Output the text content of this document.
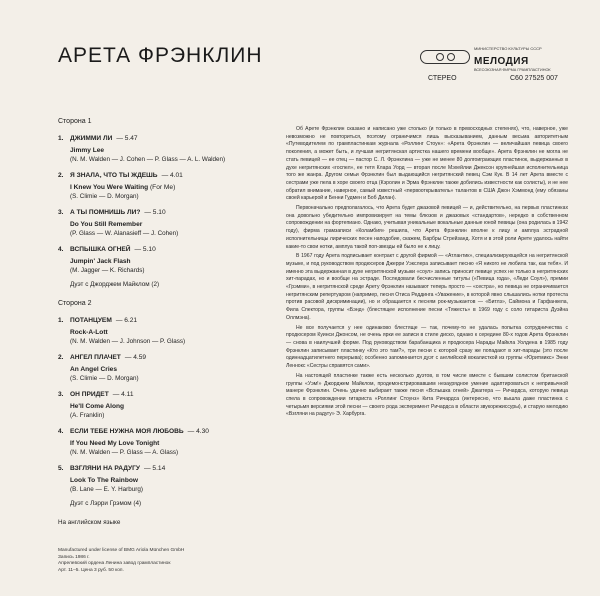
АРЕТА ФРЭНКЛИН	МИНИСТЕРСТВО КУЛЬТУРЫ СССР
МЕЛОДИЯ
ВСЕСОЮЗНАЯ ФИРМА ГРАМПЛАСТИНОК
СТЕРЕО	С60 27525 007
Сторона 1
1. ДЖИММИ ЛИ — 5.47
Jimmy Lee
(N. M. Walden — J. Cohen — P. Glass — A. L. Walden)
2. Я ЗНАЛА, ЧТО ТЫ ЖДЕШЬ — 4.01
I Knew You Were Waiting (For Me)
(S. Climie — D. Morgan)
3. А ТЫ ПОМНИШЬ ЛИ? — 5.10
Do You Still Remember
(P. Glass — W. Alanasieff — J. Cohen)
4. ВСПЫШКА ОГНЕЙ — 5.10
Jumpin' Jack Flash
(M. Jagger — K. Richards)
Дуэт с Джорджем Майклом (2)
Сторона 2
1. ПОТАНЦУЕМ — 6.21
Rock-A-Lott
(N. M. Walden — J. Johnson — P. Glass)
2. АНГЕЛ ПЛАЧЕТ — 4.59
An Angel Cries
(S. Climie — D. Morgan)
3. ОН ПРИДЕТ — 4.11
He'll Come Along
(A. Franklin)
4. ЕСЛИ ТЕБЕ НУЖНА МОЯ ЛЮБОВЬ — 4.30
If You Need My Love Tonight
(N. M. Walden — P. Glass — A. Glass)
5. ВЗГЛЯНИ НА РАДУГУ — 5.14
Look To The Rainbow
(B. Lane — E. Y. Harburg)
Дуэт с Лэрри Грэмом (4)
На английском языке
Manufactured under license of BMG Ariola München GmbH
Запись 1986 г.
Апрелевский ордена Ленина завод грампластинок
Арт. 11–5. Цена 3 руб. 50 коп.

Об Арете Фрэнклин сказано и написано уже столько (и только в превосходных степенях), что, наверное, уже невозможно не повториться, поэтому ограничимся лишь высказыванием, данным весьма авторитетным «Путеводителем по грампластинкам журнала «Роллинг Стоун»: «Арета Фрэнклин — величайшая певица своего поколения, а может быть, и лучшая негритянская артистка нашего времени вообще». Арета Фрэнклин не могла не стать певицей — ее отец — пастор С. Л. Фрэнклина — уже не менее 80 долгоиграющих пластинок, выдержанных в духе негритянских «госпел», ее тетя Клара Уорд — вторая после Мэхейлии Джексон крупнейшая исполнительница того же жанра. Другом семьи Фрэнклин был выдающийся негритянский певец Сэм Кук. В 14 лет Арета вместе с сестрами уже пела в хоре своего отца (Кэролин и Эрма Фрэнклин также добились известности как солисты), и не нее обратил внимание, наверное, самый известный «первооткрыватель» талантов в США Джон Хэммонд (ему обязаны своей карьерой и Бенни Гудмен и Боб Дилан).

Первоначально предполагалось, что Арета будет джазовой певицей — и, действительно, на первых пластинках она довольно убедительно импровизирует на темы блюзов и джазовых «стандартов», нередко в собственном сопровождении на фортепиано. Однако, учитывая уникальные вокальные данные юной певицы (она родилась в 1942 году), фирма грамзаписи «Коламбия» решила, что Арета Фрэнклин вполне к лицу и амплуа эстрадной исполнительницы лирических песен наподобие, скажем, Барбры Стрейзанд. Хотя и в этой роли Арете удалось найти какие-то свои нотки, амплуа такой поп-звезды ей было не к лицу.

В 1967 году Арета подписывает контракт с другой фирмой — «Атлантик», специализирующейся на негритянской музыке, и под руководством продюсеров Джерри Уэкслера записывает песню «Я никого не любила так, как тебя». И именно эта выдержанная в духе негритянской музыки «соул» запись приносит певице успех не только в негритянских хит-парадах, но и вообще на эстраде. Последовали бесчисленные титулы («Певица года», «Леди Соул»), премии «Грэмми», в негритянской среде Арету Фрэнклин называют теперь просто — «сестра», но певица не ограничивается негритянским репертуаром (например, песня Отиса Реддинга «Уважение», в которой явно слышались нотки протеста против расовой дискриминации), но и обращается к песням рок-музыкантов — «Битлз», Саймона и Гарфанкела, Фила Спектора, группы «Бэнд» (блестящее исполнение песни «Тяжесть» в 1969 году с соло гитариста Дуэйна Оллмэна).

Не все получается у нее одинаково блестяще — так, почему-то не удалась попытка сотрудничества с продюсером Куинси Джонсом, не очень ярки ее записи в стиле диско, однако к середине 80-х годов Арета Фрэнклин — снова в наилучшей форме. Под руководством барабанщика и продюсера Нарады Майкла Уолдена в 1985 году Фрэнклин записывает пластинку «Кто это там?», три песни с которой сразу же попадают в хит-парады (это после одиннадцатилетнего перерыва); особенно запоминается дуэт с английской вокалисткой из группы «Юритмикс» Энни Леннокс «Сестры справятся сами».

На настоящей пластинке также есть несколько дуэтов, в том числе вместе с бывшим солистом британской группы «Уэм!» Джорджем Майклом, продемонстрировавшим незаурядное умение адаптироваться к непривычной манере Фрэнклин. Очень удачно выбирает также песня «Вспышка огней» Джаггера — Ричардса, которую певица спела в сопровождении гитариста «Роллинг Стоунз» Кита Ричардса (интересно, что вышла даже пластинка с четырьмя версиями этой песни — своего рода эксперимент Ричардса в области звукорежиссуры), и старую мелодию «Взгляни на радугу» Э. Харбурга.
